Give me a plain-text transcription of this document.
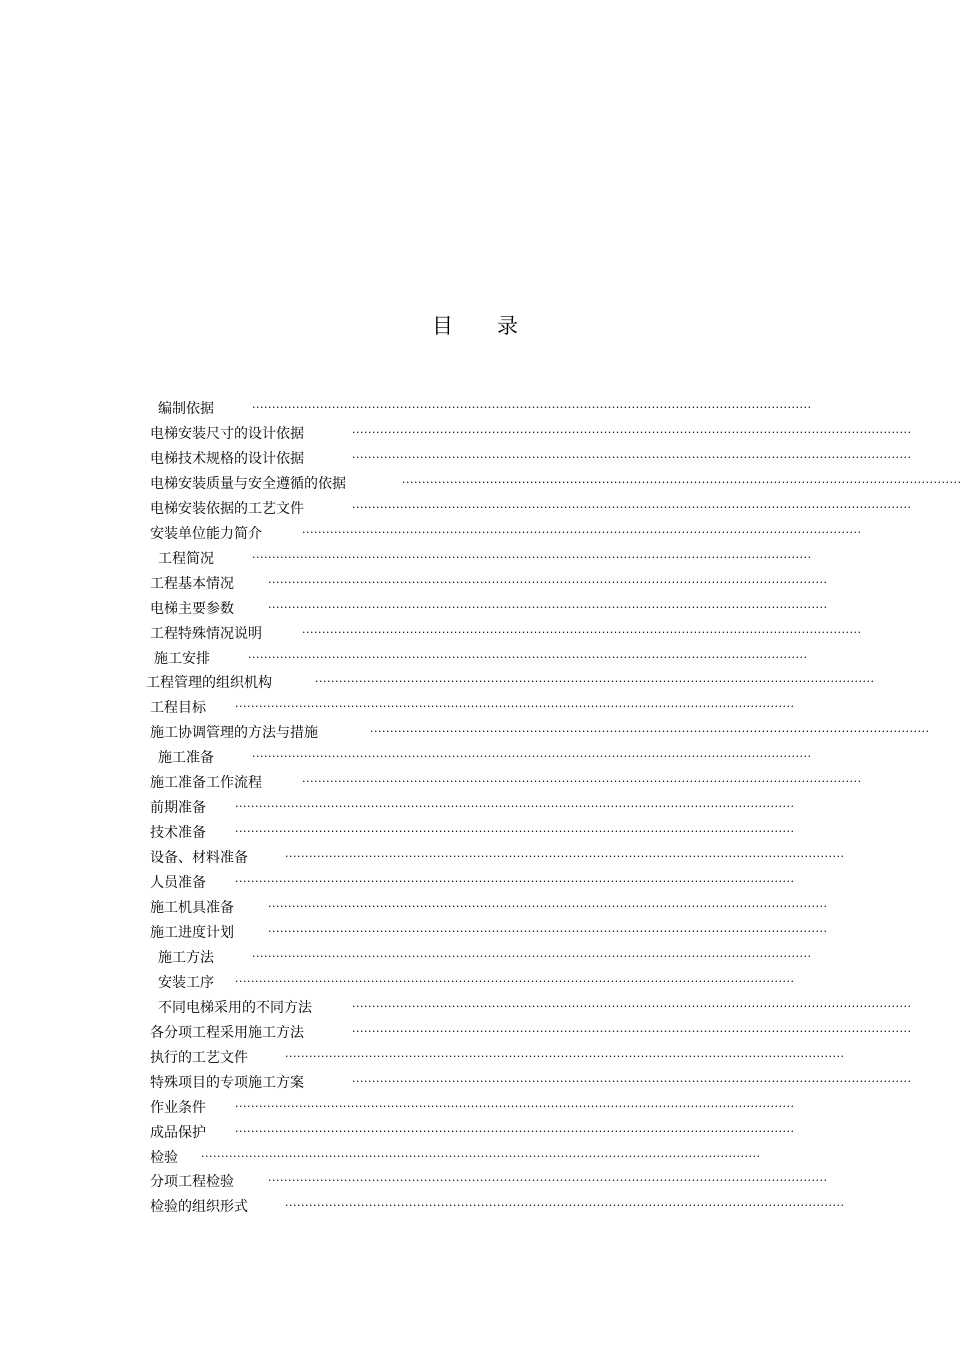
目 录
编制依据	............................................................................................................................................
电梯安装尺寸的设计依据	............................................................................................................................................
电梯技术规格的设计依据	............................................................................................................................................
电梯安装质量与安全遵循的依据	............................................................................................................................................
电梯安装依据的工艺文件	............................................................................................................................................
安装单位能力简介	............................................................................................................................................
工程简况	............................................................................................................................................
工程基本情况	............................................................................................................................................
电梯主要参数	............................................................................................................................................
工程特殊情况说明	............................................................................................................................................
施工安排	............................................................................................................................................
工程管理的组织机构	............................................................................................................................................
工程目标	............................................................................................................................................
施工协调管理的方法与措施	............................................................................................................................................
施工准备	............................................................................................................................................
施工准备工作流程	............................................................................................................................................
前期准备	............................................................................................................................................
技术准备	............................................................................................................................................
设备、材料准备	............................................................................................................................................
人员准备	............................................................................................................................................
施工机具准备	............................................................................................................................................
施工进度计划	............................................................................................................................................
施工方法	............................................................................................................................................
安装工序 ............................................................................................................................................
不同电梯采用的不同方法	............................................................................................................................................
各分项工程采用施工方法	............................................................................................................................................
执行的工艺文件	............................................................................................................................................
特殊项目的专项施工方案	............................................................................................................................................
作业条件	............................................................................................................................................
成品保护	............................................................................................................................................
检验 ............................................................................................................................................
分项工程检验	............................................................................................................................................
检验的组织形式	............................................................................................................................................
